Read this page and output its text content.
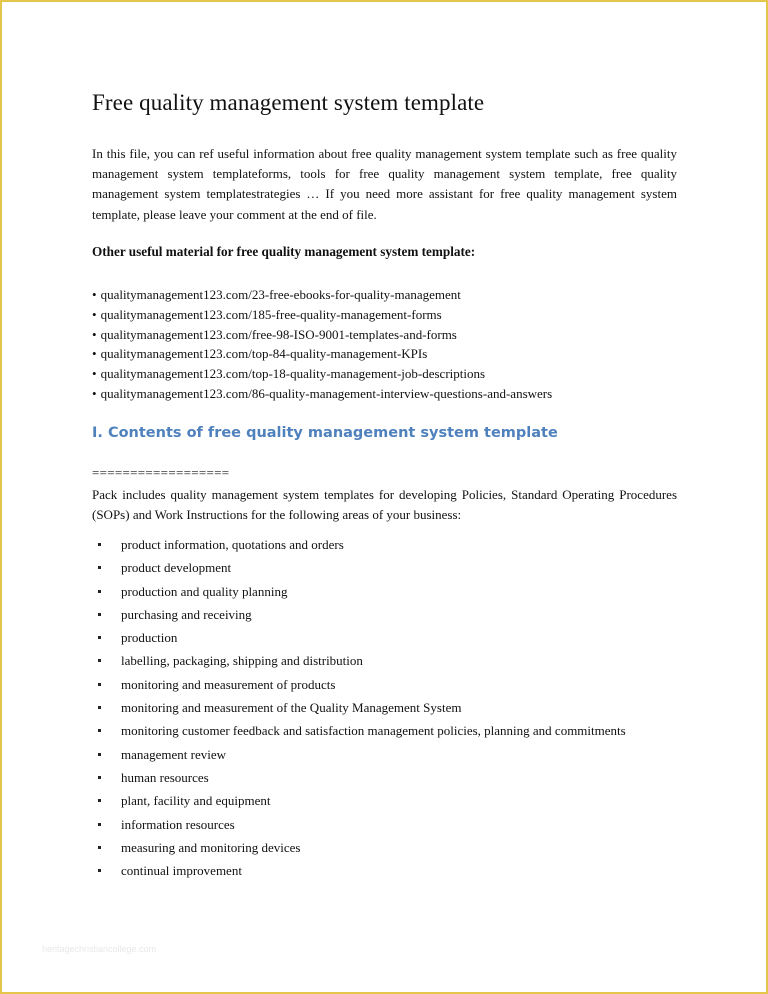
Free quality management system template

In this file, you can ref useful information about free quality management system template such as free quality management system templateforms, tools for free quality management system template, free quality management system templatestrategies … If you need more assistant for free quality management system template, please leave your comment at the end of file.

Other useful material for free quality management system template:

• qualitymanagement123.com/23-free-ebooks-for-quality-management
• qualitymanagement123.com/185-free-quality-management-forms
• qualitymanagement123.com/free-98-ISO-9001-templates-and-forms
• qualitymanagement123.com/top-84-quality-management-KPIs
• qualitymanagement123.com/top-18-quality-management-job-descriptions
• qualitymanagement123.com/86-quality-management-interview-questions-and-answers
I. Contents of free quality management system template

==================

Pack includes quality management system templates for developing Policies, Standard Operating Procedures (SOPs) and Work Instructions for the following areas of your business:

product information, quotations and orders
product development
production and quality planning
purchasing and receiving
production
labelling, packaging, shipping and distribution
monitoring and measurement of products
monitoring and measurement of the Quality Management System
monitoring customer feedback and satisfaction management policies, planning and commitments
management review
human resources
plant, facility and equipment
information resources
measuring and monitoring devices
continual improvement
heritagechristiancollege.com
